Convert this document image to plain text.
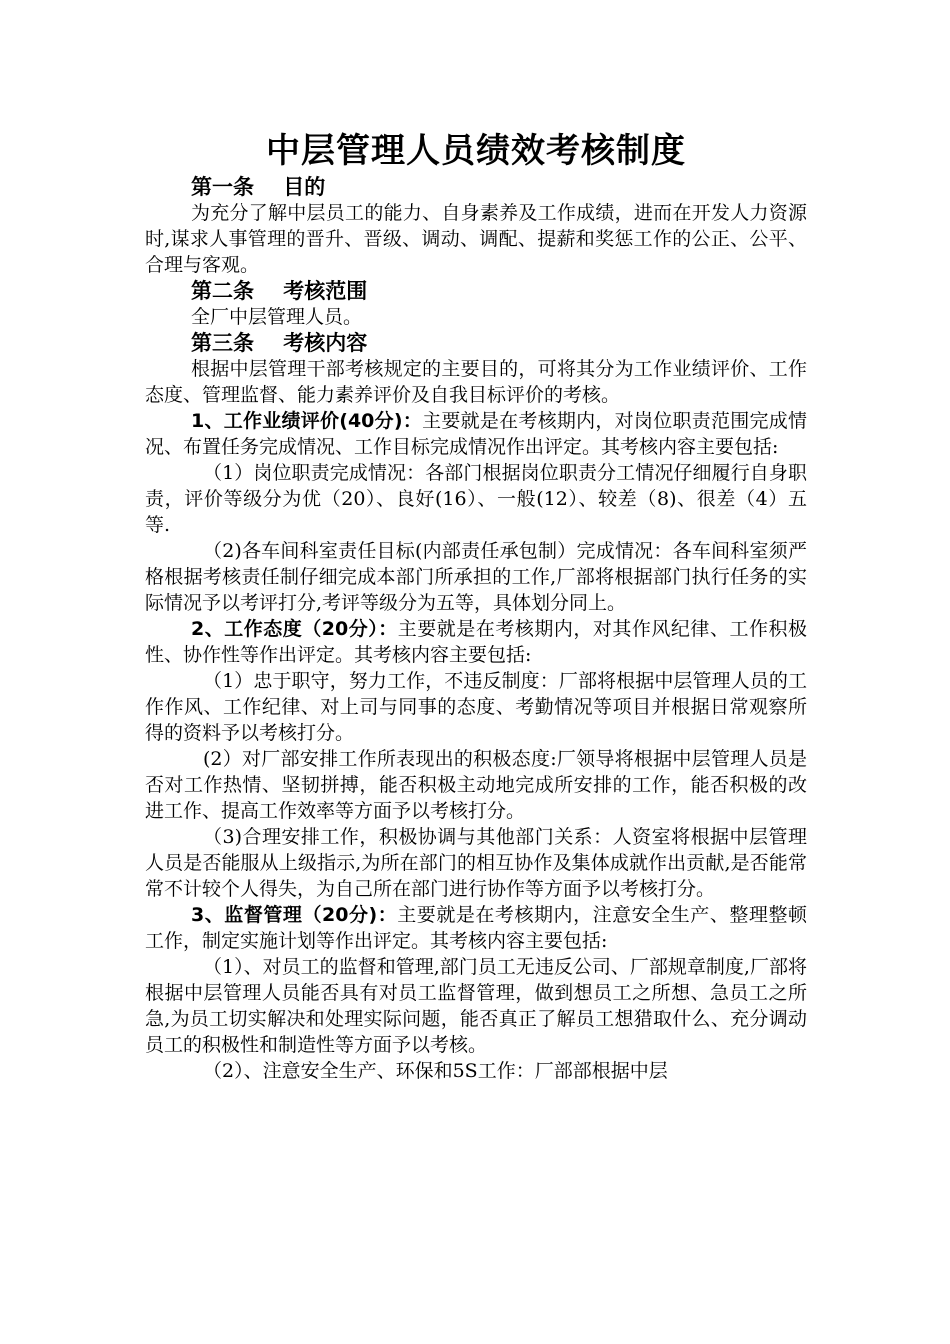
中层管理人员绩效考核制度
第一条    目的

为充分了解中层员工的能力、自身素养及工作成绩，进而在开发人力资源时,谋求人事管理的晋升、晋级、调动、调配、提薪和奖惩工作的公正、公平、合理与客观。

第二条    考核范围

全厂中层管理人员。

第三条    考核内容

根据中层管理干部考核规定的主要目的，可将其分为工作业绩评价、工作态度、管理监督、能力素养评价及自我目标评价的考核。

1、工作业绩评价(40分)：主要就是在考核期内，对岗位职责范围完成情况、布置任务完成情况、工作目标完成情况作出评定。其考核内容主要包括:

（1）岗位职责完成情况：各部门根据岗位职责分工情况仔细履行自身职责，评价等级分为优（20）、良好(16）、一般(12）、较差（8)、很差（4）五等.

（2)各车间科室责任目标(内部责任承包制）完成情况：各车间科室须严格根据考核责任制仔细完成本部门所承担的工作,厂部将根据部门执行任务的实际情况予以考评打分,考评等级分为五等，具体划分同上。

2、工作态度（20分）：主要就是在考核期内，对其作风纪律、工作积极性、协作性等作出评定。其考核内容主要包括:

（1）忠于职守，努力工作，不违反制度：厂部将根据中层管理人员的工作作风、工作纪律、对上司与同事的态度、考勤情况等项目并根据日常观察所得的资料予以考核打分。

(2）对厂部安排工作所表现出的积极态度:厂领导将根据中层管理人员是否对工作热情、坚韧拼搏，能否积极主动地完成所安排的工作，能否积极的改进工作、提高工作效率等方面予以考核打分。

（3)合理安排工作，积极协调与其他部门关系：人资室将根据中层管理人员是否能服从上级指示,为所在部门的相互协作及集体成就作出贡献,是否能常常不计较个人得失，为自己所在部门进行协作等方面予以考核打分。

3、监督管理（20分)：主要就是在考核期内，注意安全生产、整理整顿工作，制定实施计划等作出评定。其考核内容主要包括:

（1）、对员工的监督和管理,部门员工无违反公司、厂部规章制度,厂部将根据中层管理人员能否具有对员工监督管理，做到想员工之所想、急员工之所急,为员工切实解决和处理实际问题，能否真正了解员工想猎取什么、充分调动员工的积极性和制造性等方面予以考核。

（2）、注意安全生产、环保和5S工作：厂部部根据中层
